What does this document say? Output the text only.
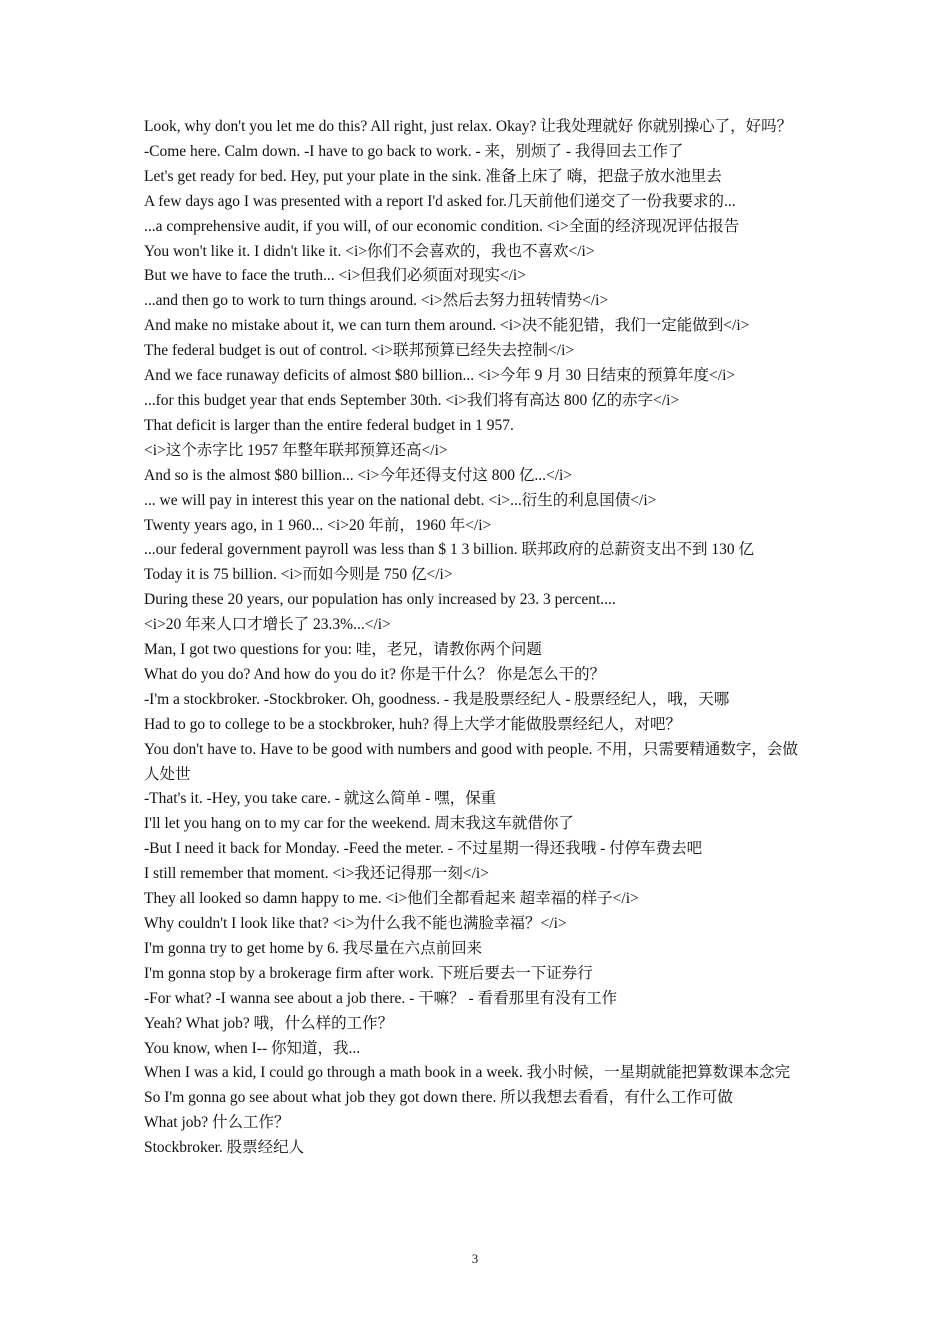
Look, why don't you let me do this? All right, just relax. Okay? 让我处理就好 你就别操心了，好吗？
-Come here. Calm down. -I have to go back to work. - 来，别烦了 - 我得回去工作了
Let's get ready for bed. Hey, put your plate in the sink. 准备上床了 嗨，把盘子放水池里去
A few days ago I was presented with a report I'd asked for.几天前他们递交了一份我要求的...
...a comprehensive audit, if you will, of our economic condition. <i>全面的经济现况评估报告
You won't like it. I didn't like it. <i>你们不会喜欢的，我也不喜欢</i>
But we have to face the truth... <i>但我们必须面对现实</i>
...and then go to work to turn things around. <i>然后去努力扭转情势</i>
And make no mistake about it, we can turn them around. <i>决不能犯错，我们一定能做到</i>
The federal budget is out of control. <i>联邦预算已经失去控制</i>
And we face runaway deficits of almost $80 billion... <i>今年 9 月 30 日结束的预算年度</i>
...for this budget year that ends September 30th. <i>我们将有高达 800 亿的赤字</i>
That deficit is larger than the entire federal budget in 1 957.
<i>这个赤字比 1957 年整年联邦预算还高</i>
And so is the almost $80 billion... <i>今年还得支付这 800 亿...</i>
... we will pay in interest this year on the national debt. <i>...衍生的利息国债</i>
Twenty years ago, in 1 960... <i>20 年前，1960 年</i>
...our federal government payroll was less than $ 1 3 billion. 联邦政府的总薪资支出不到 130 亿
Today it is 75 billion. <i>而如今则是 750 亿</i>
During these 20 years, our population has only increased by 23. 3 percent....
<i>20 年来人口才增长了 23.3%...</i>
Man, I got two questions for you: 哇，老兄，请教你两个问题
What do you do? And how do you do it? 你是干什么？ 你是怎么干的？
-I'm a stockbroker. -Stockbroker. Oh, goodness. - 我是股票经纪人 - 股票经纪人，哦，天哪
Had to go to college to be a stockbroker, huh? 得上大学才能做股票经纪人，对吧？
You don't have to. Have to be good with numbers and good with people. 不用，只需要精通数字，会做人处世
-That's it. -Hey, you take care. - 就这么简单 - 嘿，保重
I'll let you hang on to my car for the weekend. 周末我这车就借你了
-But I need it back for Monday. -Feed the meter. - 不过星期一得还我哦 - 付停车费去吧
I still remember that moment. <i>我还记得那一刻</i>
They all looked so damn happy to me. <i>他们全都看起来 超幸福的样子</i>
Why couldn't I look like that? <i>为什么我不能也满脸幸福？</i>
I'm gonna try to get home by 6. 我尽量在六点前回来
I'm gonna stop by a brokerage firm after work. 下班后要去一下证券行
-For what? -I wanna see about a job there. - 干嘛？ - 看看那里有没有工作
Yeah? What job? 哦，什么样的工作？
You know, when I-- 你知道，我...
When I was a kid, I could go through a math book in a week. 我小时候，一星期就能把算数课本念完
So I'm gonna go see about what job they got down there. 所以我想去看看，有什么工作可做
What job? 什么工作？
Stockbroker. 股票经纪人
3
